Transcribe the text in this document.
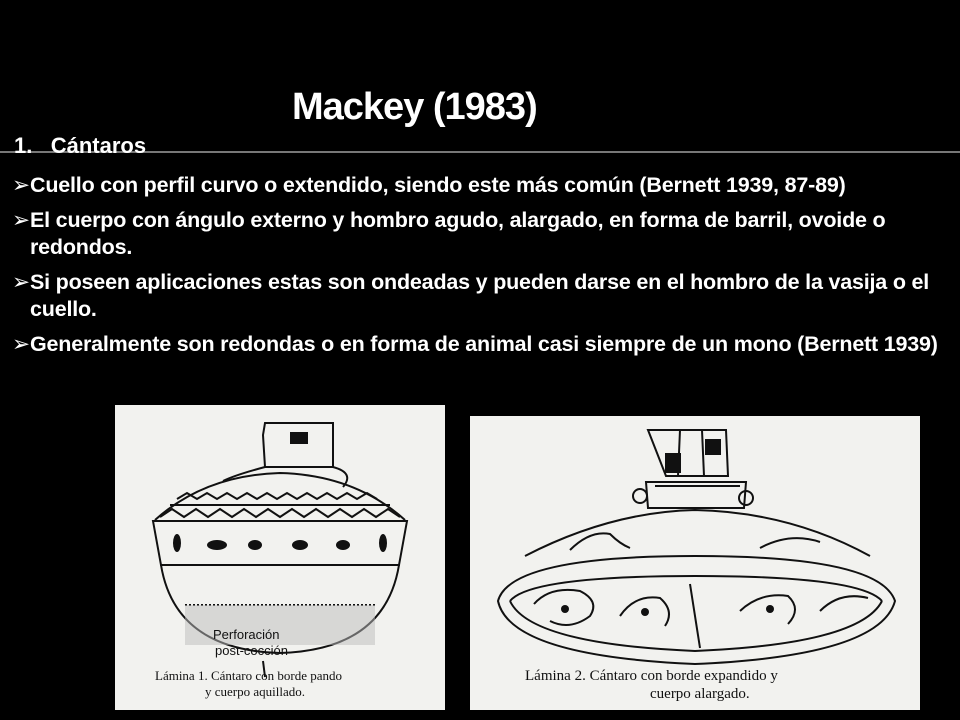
Mackey (1983)
1. Cántaros
➢ Cuello con perfil curvo o extendido, siendo este más común (Bernett 1939, 87-89)
➢ El cuerpo con ángulo externo y hombro agudo, alargado, en forma de barril, ovoide o redondos.
➢ Si poseen aplicaciones estas son ondeadas y pueden darse en el hombro de la vasija o el cuello.
➢ Generalmente son redondas o en forma de animal casi siempre de un mono (Bernett 1939)
Perforación
post-cocción
Lámina 1. Cántaro con borde pando
y cuerpo aquillado.
Lámina 2. Cántaro con borde expandido y
cuerpo alargado.
